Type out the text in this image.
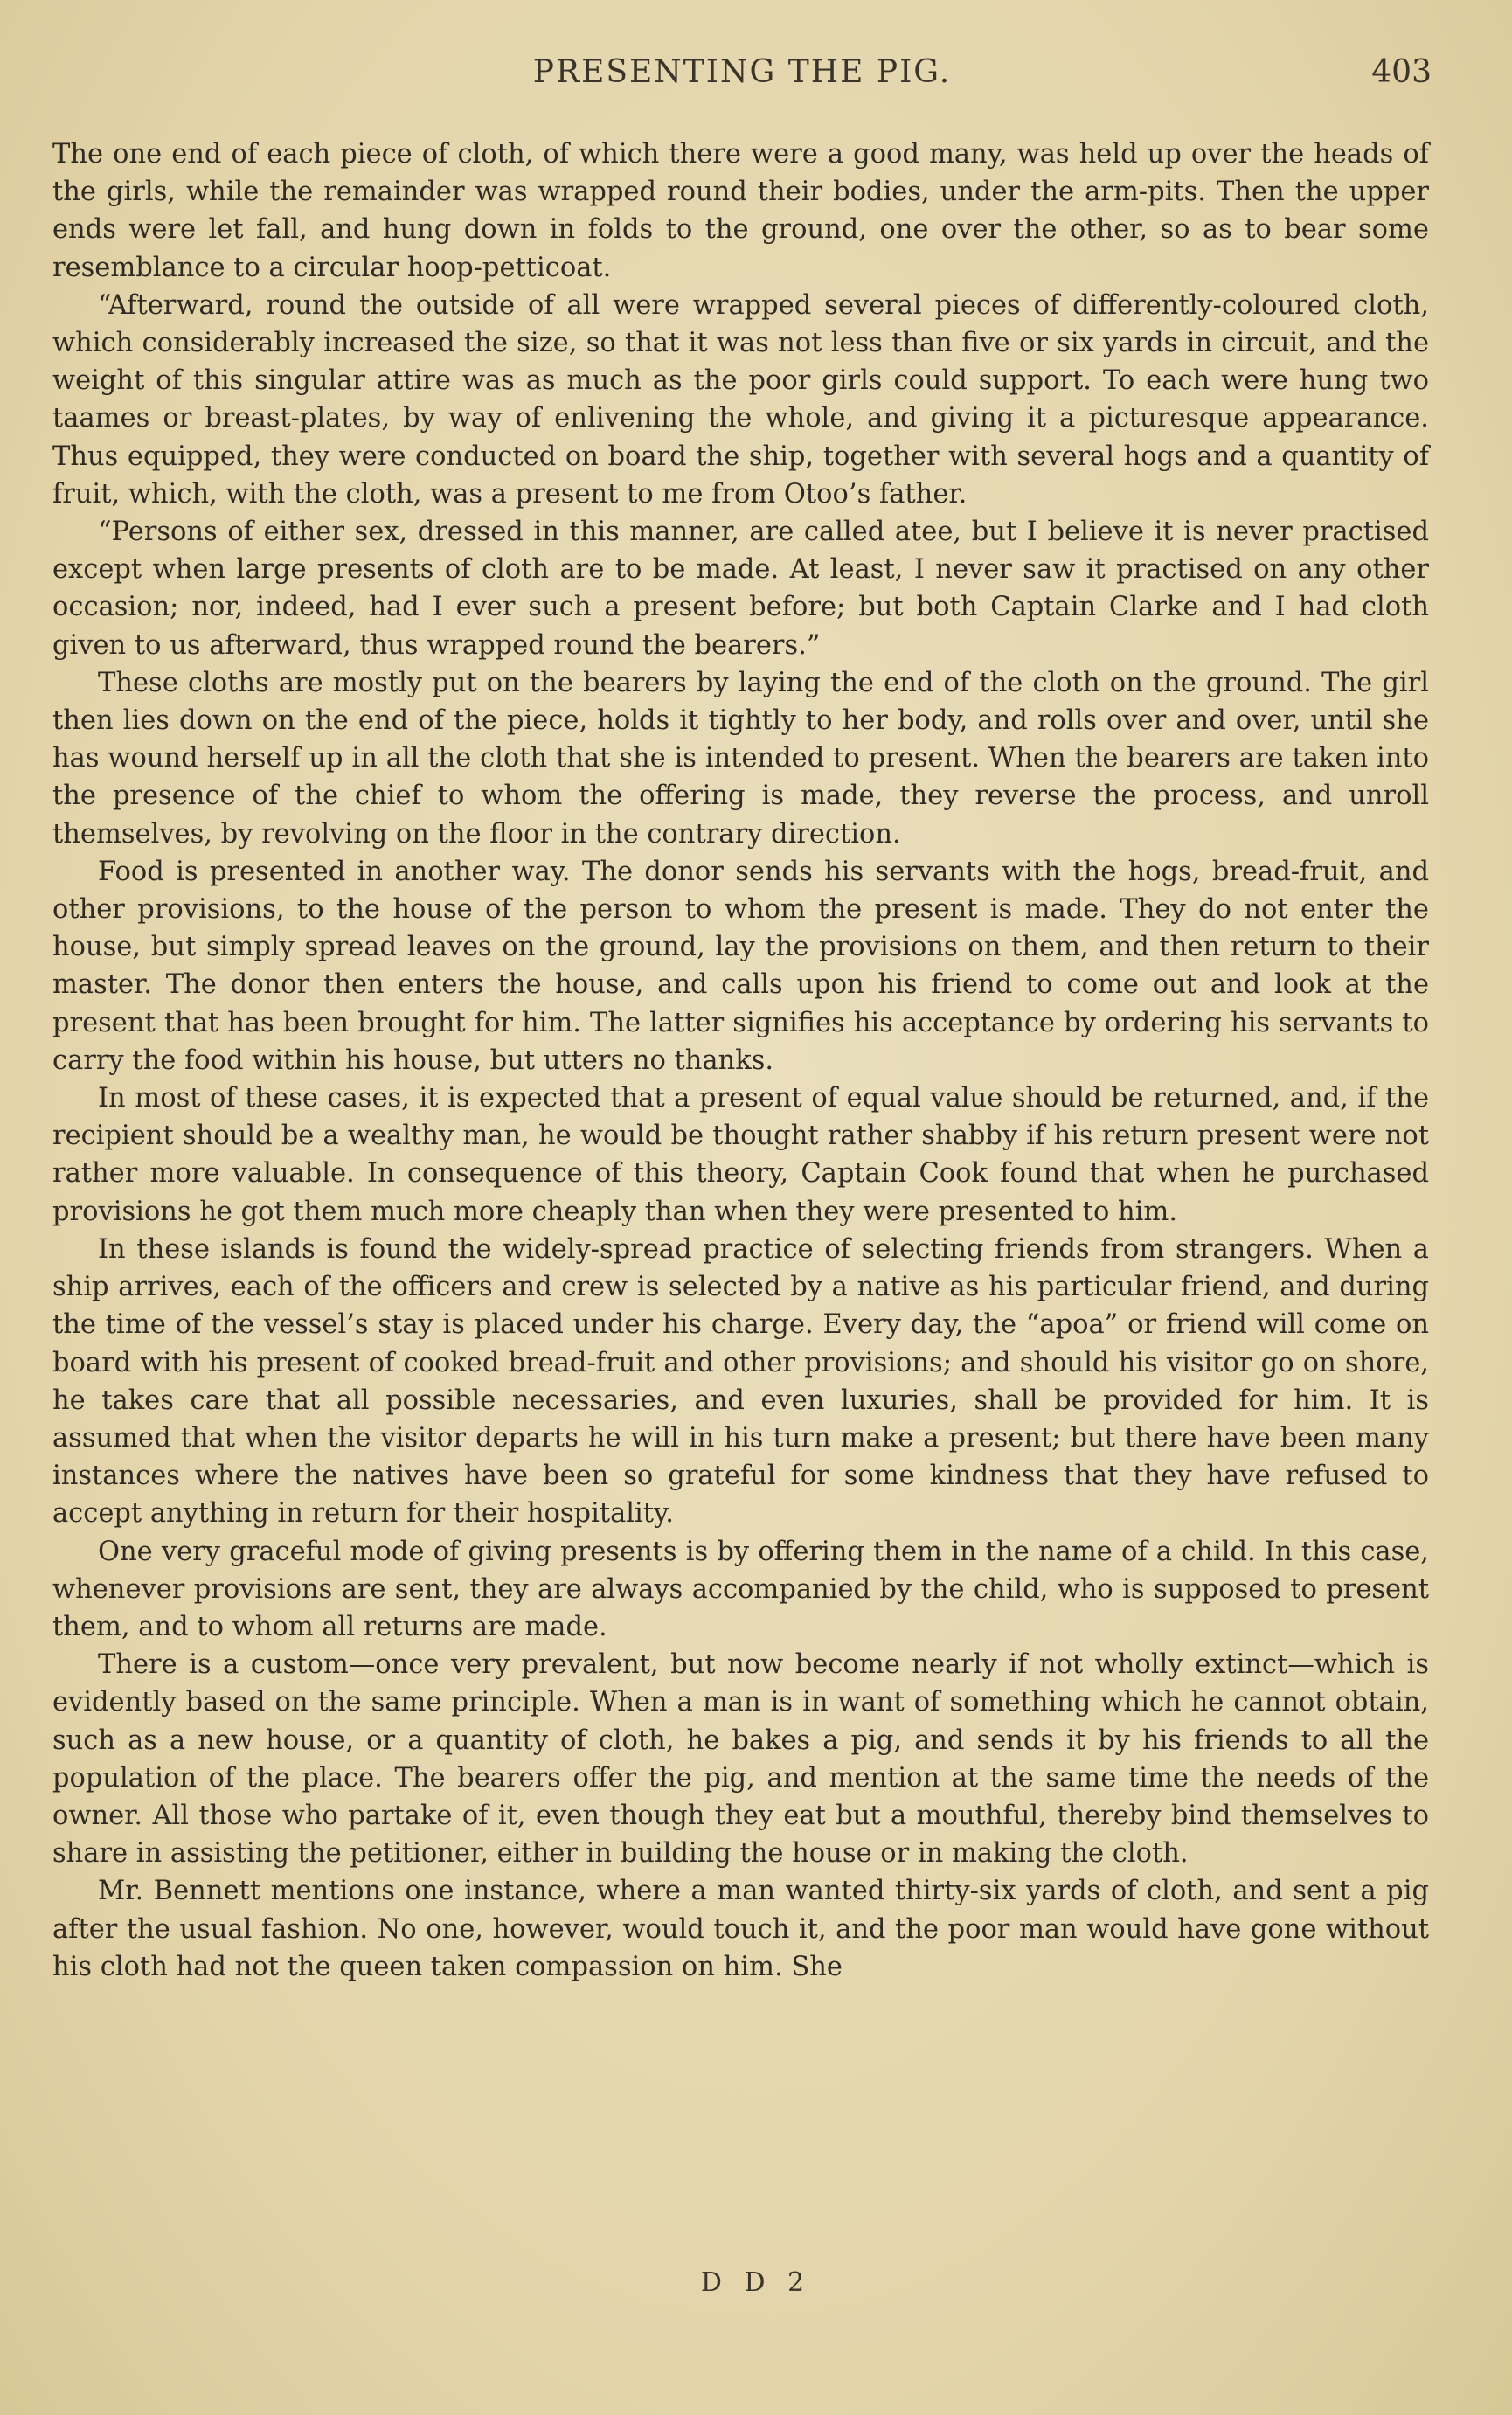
PRESENTING THE PIG.	403

The one end of each piece of cloth, of which there were a good many, was held up over the heads of the girls, while the remainder was wrapped round their bodies, under the arm-pits. Then the upper ends were let fall, and hung down in folds to the ground, one over the other, so as to bear some resemblance to a circular hoop-petticoat.

“Afterward, round the outside of all were wrapped several pieces of differently-coloured cloth, which considerably increased the size, so that it was not less than five or six yards in circuit, and the weight of this singular attire was as much as the poor girls could support. To each were hung two taames or breast-plates, by way of enlivening the whole, and giving it a picturesque appearance. Thus equipped, they were conducted on board the ship, together with several hogs and a quantity of fruit, which, with the cloth, was a present to me from Otoo’s father.

“Persons of either sex, dressed in this manner, are called atee, but I believe it is never practised except when large presents of cloth are to be made. At least, I never saw it practised on any other occasion; nor, indeed, had I ever such a present before; but both Captain Clarke and I had cloth given to us afterward, thus wrapped round the bearers.”

These cloths are mostly put on the bearers by laying the end of the cloth on the ground. The girl then lies down on the end of the piece, holds it tightly to her body, and rolls over and over, until she has wound herself up in all the cloth that she is intended to present. When the bearers are taken into the presence of the chief to whom the offering is made, they reverse the process, and unroll themselves, by revolving on the floor in the contrary direction.

Food is presented in another way. The donor sends his servants with the hogs, bread-fruit, and other provisions, to the house of the person to whom the present is made. They do not enter the house, but simply spread leaves on the ground, lay the provisions on them, and then return to their master. The donor then enters the house, and calls upon his friend to come out and look at the present that has been brought for him. The latter signifies his acceptance by ordering his servants to carry the food within his house, but utters no thanks.

In most of these cases, it is expected that a present of equal value should be returned, and, if the recipient should be a wealthy man, he would be thought rather shabby if his return present were not rather more valuable. In consequence of this theory, Captain Cook found that when he purchased provisions he got them much more cheaply than when they were presented to him.

In these islands is found the widely-spread practice of selecting friends from strangers. When a ship arrives, each of the officers and crew is selected by a native as his particular friend, and during the time of the vessel’s stay is placed under his charge. Every day, the “apoa” or friend will come on board with his present of cooked bread-fruit and other provisions; and should his visitor go on shore, he takes care that all possible necessaries, and even luxuries, shall be provided for him. It is assumed that when the visitor departs he will in his turn make a present; but there have been many instances where the natives have been so grateful for some kindness that they have refused to accept anything in return for their hospitality.

One very graceful mode of giving presents is by offering them in the name of a child. In this case, whenever provisions are sent, they are always accompanied by the child, who is supposed to present them, and to whom all returns are made.

There is a custom—once very prevalent, but now become nearly if not wholly extinct—which is evidently based on the same principle. When a man is in want of something which he cannot obtain, such as a new house, or a quantity of cloth, he bakes a pig, and sends it by his friends to all the population of the place. The bearers offer the pig, and mention at the same time the needs of the owner. All those who partake of it, even though they eat but a mouthful, thereby bind themselves to share in assisting the petitioner, either in building the house or in making the cloth.

Mr. Bennett mentions one instance, where a man wanted thirty-six yards of cloth, and sent a pig after the usual fashion. No one, however, would touch it, and the poor man would have gone without his cloth had not the queen taken compassion on him. She

D D 2
